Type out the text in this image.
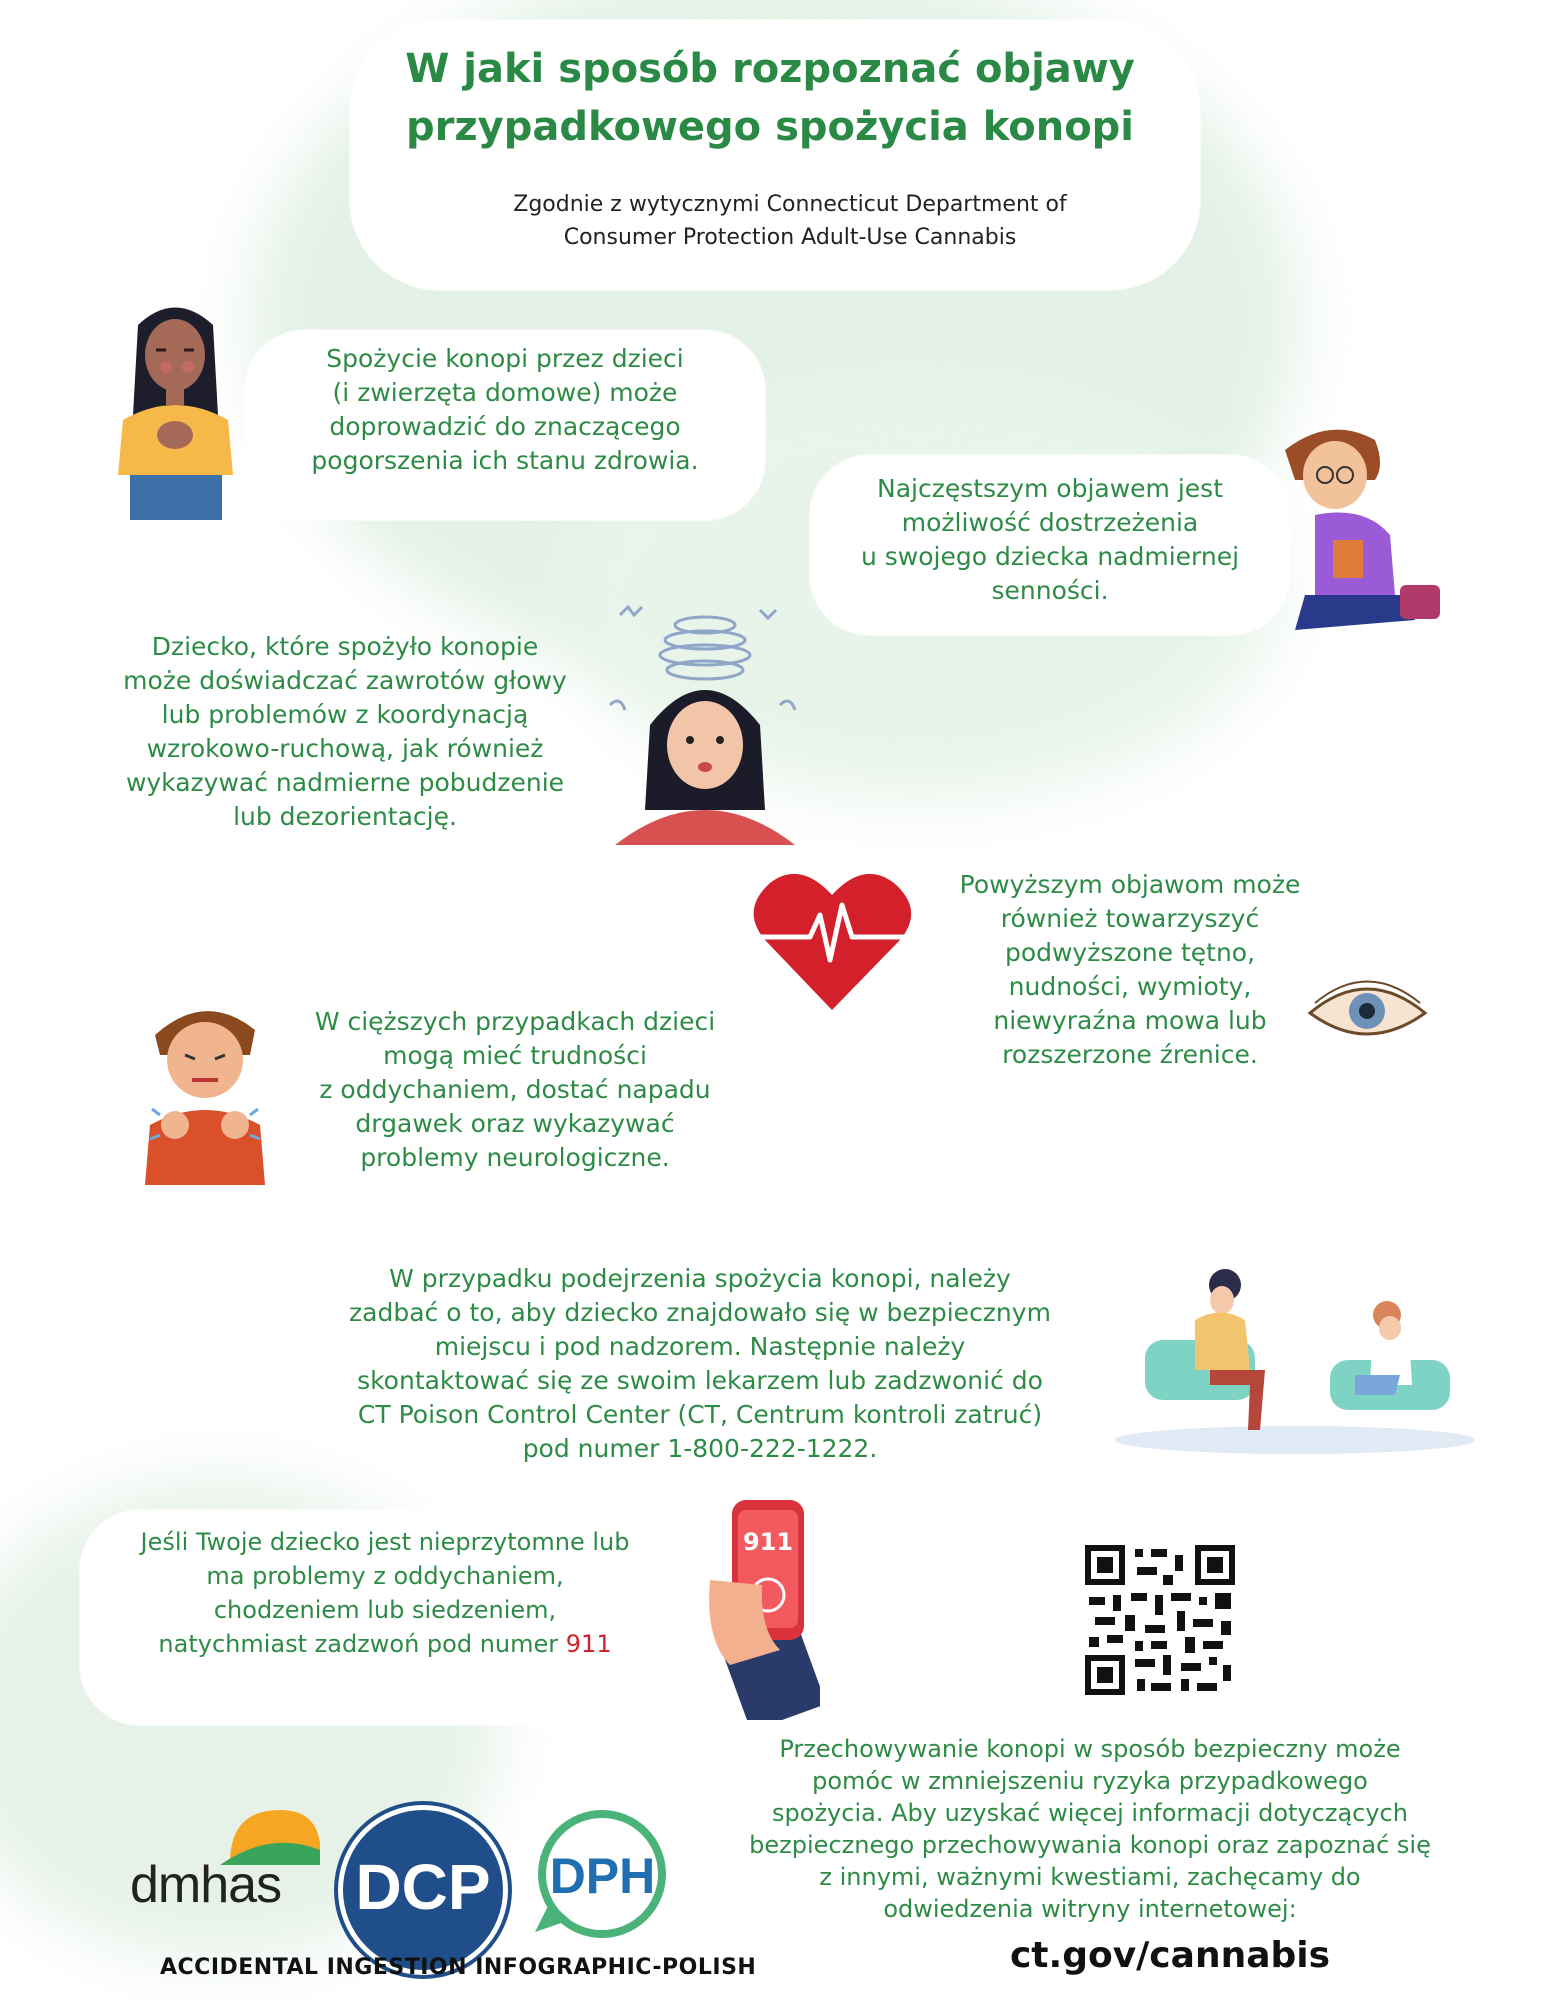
W jaki sposób rozpoznać objawy
przypadkowego spożycia konopi
Zgodnie z wytycznymi Connecticut Department of
Consumer Protection Adult-Use Cannabis
Spożycie konopi przez dzieci
(i zwierzęta domowe) może
doprowadzić do znaczącego
pogorszenia ich stanu zdrowia.
Najczęstszym objawem jest
możliwość dostrzeżenia
u swojego dziecka nadmiernej
senności.
Dziecko, które spożyło konopie
może doświadczać zawrotów głowy
lub problemów z koordynacją
wzrokowo-ruchową, jak również
wykazywać nadmierne pobudzenie
lub dezorientację.
Powyższym objawom może
również towarzyszyć
podwyższone tętno,
nudności, wymioty,
niewyraźna mowa lub
rozszerzone źrenice.
W cięższych przypadkach dzieci
mogą mieć trudności
z oddychaniem, dostać napadu
drgawek oraz wykazywać
problemy neurologiczne.
W przypadku podejrzenia spożycia konopi, należy
zadbać o to, aby dziecko znajdowało się w bezpiecznym
miejscu i pod nadzorem. Następnie należy
skontaktować się ze swoim lekarzem lub zadzwonić do
CT Poison Control Center (CT, Centrum kontroli zatruć)
pod numer 1-800-222-1222.
Jeśli Twoje dziecko jest nieprzytomne lub
ma problemy z oddychaniem,
chodzeniem lub siedzeniem,
natychmiast zadzwoń pod numer 911
911
Przechowywanie konopi w sposób bezpieczny może
pomóc w zmniejszeniu ryzyka przypadkowego
spożycia. Aby uzyskać więcej informacji dotyczących
bezpiecznego przechowywania konopi oraz zapoznać się
z innymi, ważnymi kwestiami, zachęcamy do
odwiedzenia witryny internetowej:
ct.gov/cannabis
dmhas DCP	DPH
ACCIDENTAL INGESTION INFOGRAPHIC-POLISH
